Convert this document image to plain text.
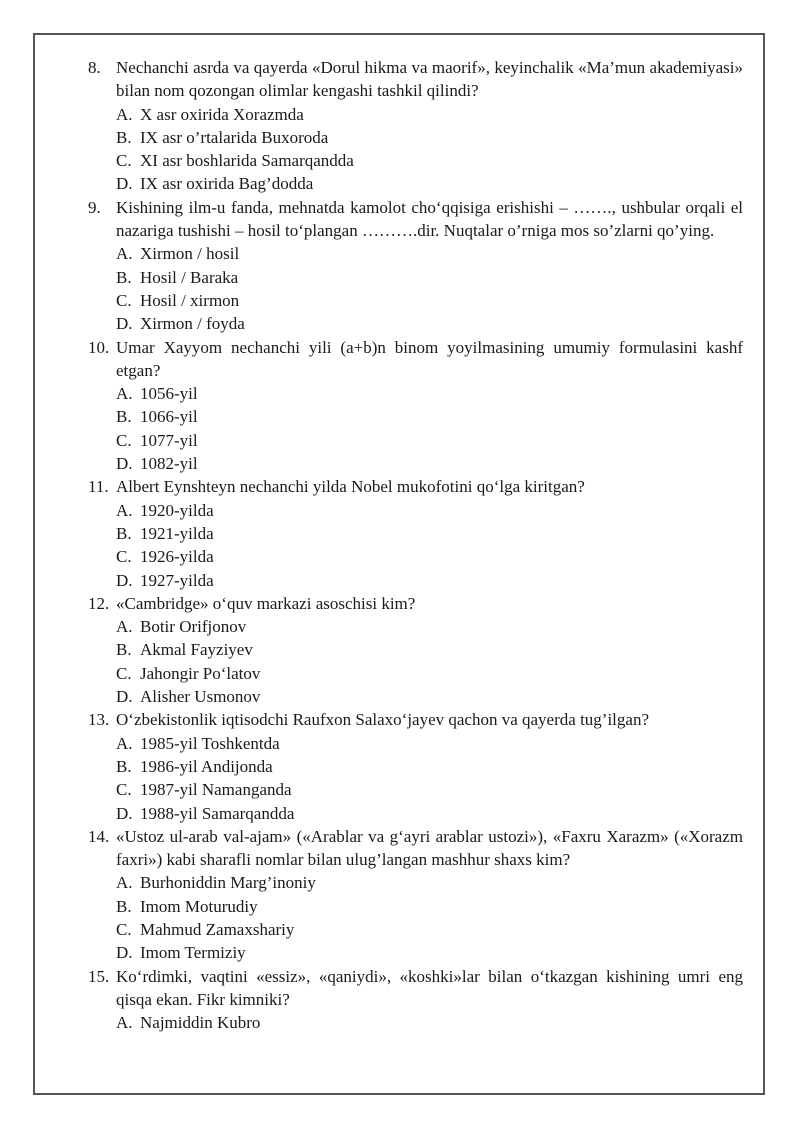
8. Nechanchi asrda va qayerda «Dorul hikma va maorif», keyinchalik «Ma’mun akademiyasi» bilan nom qozongan olimlar kengashi tashkil qilindi?
A. X asr oxirida Xorazmda
B. IX asr o’rtalarida Buxoroda
C. XI asr boshlarida Samarqandda
D. IX asr oxirida Bag’dodda
9. Kishining ilm-u fanda, mehnatda kamolot cho‘qqisiga erishishi – ……., ushbular orqali el nazariga tushishi – hosil to‘plangan ……….dir. Nuqtalar o’rniga mos so’zlarni qo’ying.
A. Xirmon / hosil
B. Hosil / Baraka
C. Hosil / xirmon
D. Xirmon / foyda
10. Umar Xayyom nechanchi yili (a+b)n binom yoyilmasining umumiy formulasini kashf etgan?
A. 1056-yil
B. 1066-yil
C. 1077-yil
D. 1082-yil
11. Albert Eynshteyn nechanchi yilda Nobel mukofotini qo‘lga kiritgan?
A. 1920-yilda
B. 1921-yilda
C. 1926-yilda
D. 1927-yilda
12. «Cambridge» o‘quv markazi asoschisi kim?
A. Botir Orifjonov
B. Akmal Fayziyev
C. Jahongir Po‘latov
D. Alisher Usmonov
13. O‘zbekistonlik iqtisodchi Raufxon Salaxo‘jayev qachon va qayerda tug’ilgan?
A. 1985-yil Toshkentda
B. 1986-yil Andijonda
C. 1987-yil Namanganda
D. 1988-yil Samarqandda
14. «Ustoz ul-arab val-ajam» («Arablar va g‘ayri arablar ustozi»), «Faxru Xarazm» («Xorazm faxri») kabi sharafli nomlar bilan ulug’langan mashhur shaxs kim?
A. Burhoniddin Marg’inoniy
B. Imom Moturudiy
C. Mahmud Zamaxshariy
D. Imom Termiziy
15. Ko‘rdimki, vaqtini «essiz», «qaniydi», «koshki»lar bilan o‘tkazgan kishining umri eng qisqa ekan. Fikr kimniki?
A. Najmiddin Kubro
